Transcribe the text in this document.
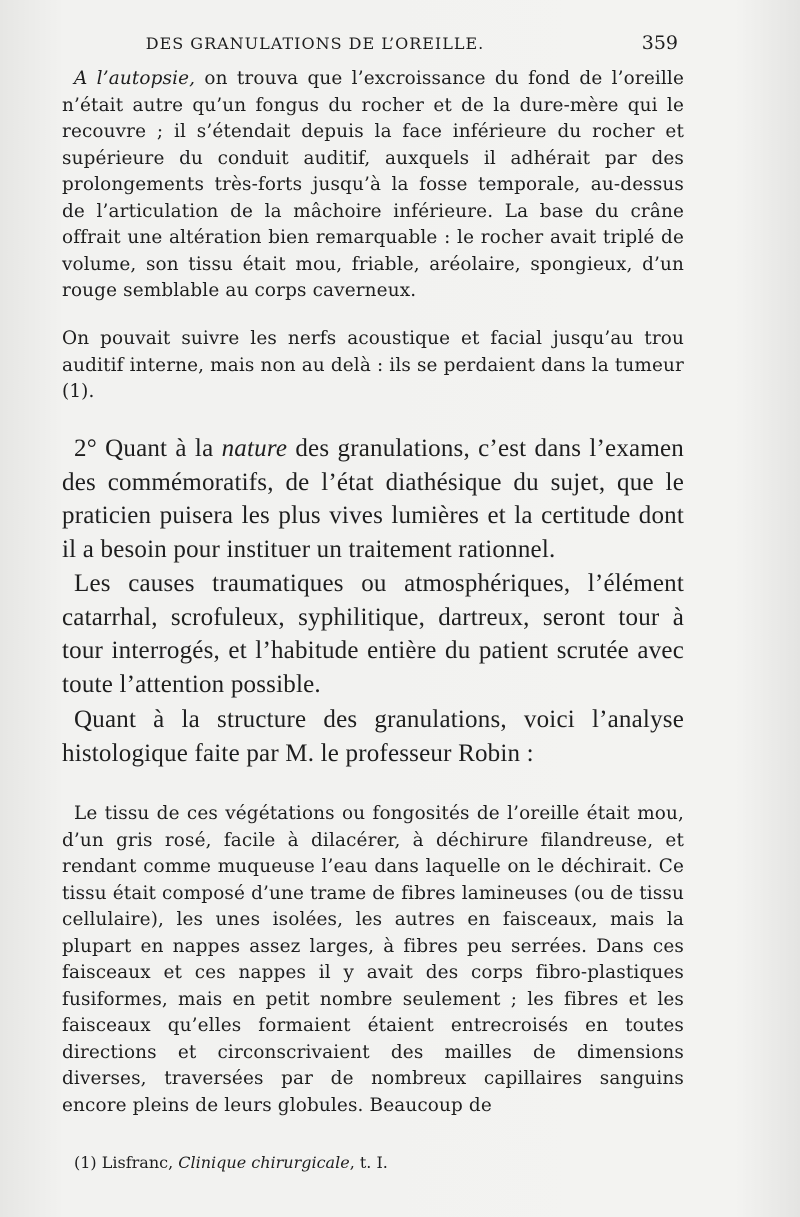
DES GRANULATIONS DE L’OREILLE.	359

A l’autopsie, on trouva que l’excroissance du fond de l’oreille n’était autre qu’un fongus du rocher et de la dure-mère qui le recouvre ; il s’étendait depuis la face inférieure du rocher et supérieure du conduit auditif, auxquels il adhérait par des prolongements très-forts jusqu’à la fosse temporale, au-dessus de l’articulation de la mâchoire inférieure. La base du crâne offrait une altération bien remarquable : le rocher avait triplé de volume, son tissu était mou, friable, aréolaire, spongieux, d’un rouge semblable au corps caverneux.

On pouvait suivre les nerfs acoustique et facial jusqu’au trou auditif interne, mais non au delà : ils se perdaient dans la tumeur (1).

2° Quant à la nature des granulations, c’est dans l’examen des commémoratifs, de l’état diathésique du sujet, que le praticien puisera les plus vives lumières et la certitude dont il a besoin pour instituer un traitement rationnel.

Les causes traumatiques ou atmosphériques, l’élément catarrhal, scrofuleux, syphilitique, dartreux, seront tour à tour interrogés, et l’habitude entière du patient scrutée avec toute l’attention possible.

Quant à la structure des granulations, voici l’analyse histologique faite par M. le professeur Robin :

Le tissu de ces végétations ou fongosités de l’oreille était mou, d’un gris rosé, facile à dilacérer, à déchirure filandreuse, et rendant comme muqueuse l’eau dans laquelle on le déchirait. Ce tissu était composé d’une trame de fibres lamineuses (ou de tissu cellulaire), les unes isolées, les autres en faisceaux, mais la plupart en nappes assez larges, à fibres peu serrées. Dans ces faisceaux et ces nappes il y avait des corps fibro-plastiques fusiformes, mais en petit nombre seulement ; les fibres et les faisceaux qu’elles formaient étaient entrecroisés en toutes directions et circonscrivaient des mailles de dimensions diverses, traversées par de nombreux capillaires sanguins encore pleins de leurs globules. Beaucoup de

(1) Lisfranc, Clinique chirurgicale, t. I.
